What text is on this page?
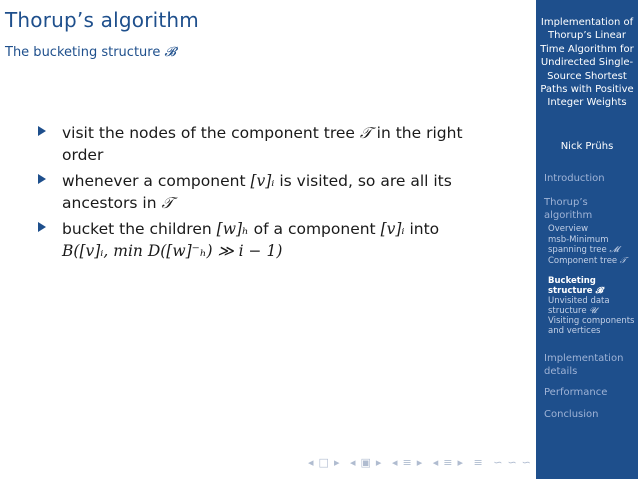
Thorup’s algorithm
The bucketing structure 𝓑
visit the nodes of the component tree 𝒯 in the right order
whenever a component [v]ᵢ is visited, so are all its ancestors in 𝒯
bucket the children [w]ₕ of a component [v]ᵢ into
B([v]ᵢ, min D([w]⁻ₕ) ≫ i − 1)
◂ □ ▸ ◂ ▣ ▸ ◂ ≡ ▸ ◂ ≡ ▸ ≡ ∽ ∽ ∽
Implementation of Thorup’s Linear Time Algorithm for Undirected Single-Source Shortest Paths with Positive Integer Weights
Nick Prühs
Introduction
Thorup’s algorithm
Overview
msb-Minimum spanning tree 𝓜
Component tree 𝒯
Bucketing structure 𝓑
Unvisited data structure 𝓤
Visiting components and vertices
Implementation details
Performance
Conclusion
